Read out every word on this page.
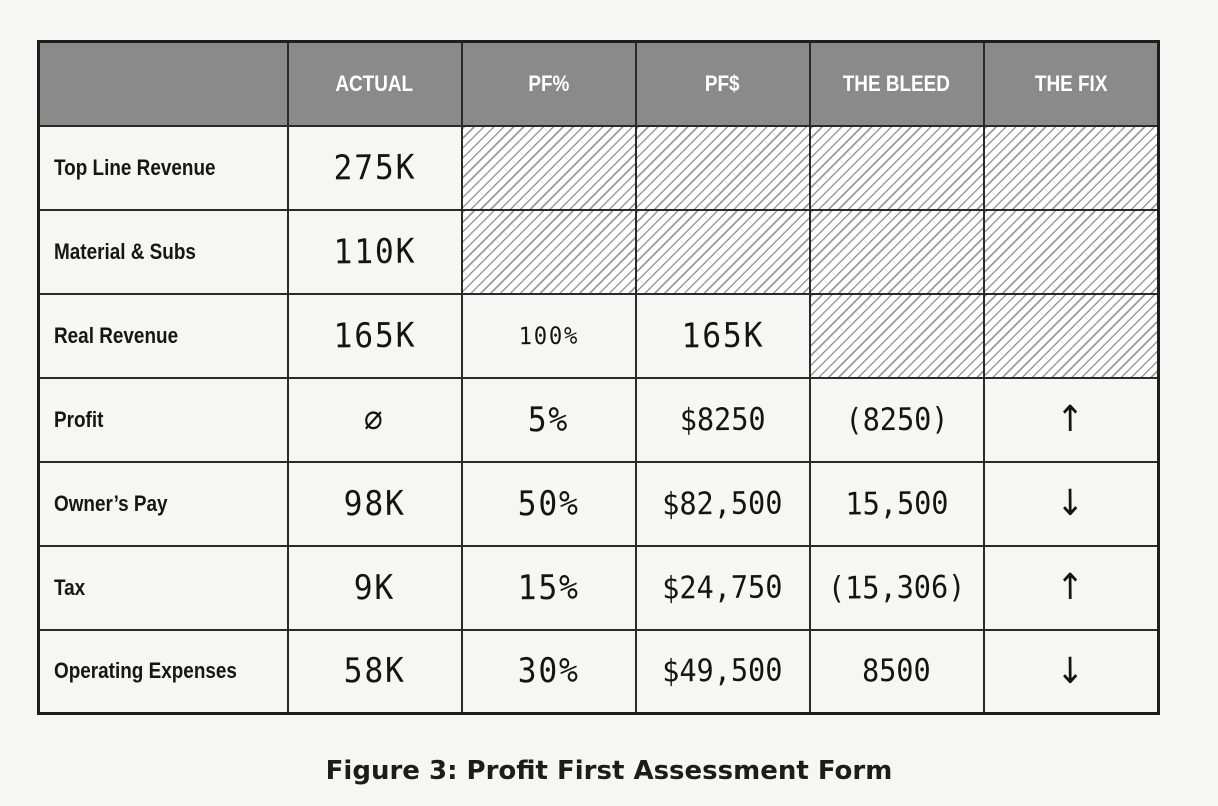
	ACTUAL	PF%	PF$	THE BLEED	THE FIX
Top Line Revenue	275K				
Material & Subs	110K				
Real Revenue	165K	100%	165K		
Profit	∅	5%	$8250	(8250)	↑
Owner’s Pay	98K	50%	$82,500	15,500	↓
Tax	9K	15%	$24,750	(15,306)	↑
Operating Expenses	58K	30%	$49,500	8500	↓
Figure 3: Profit First Assessment Form
